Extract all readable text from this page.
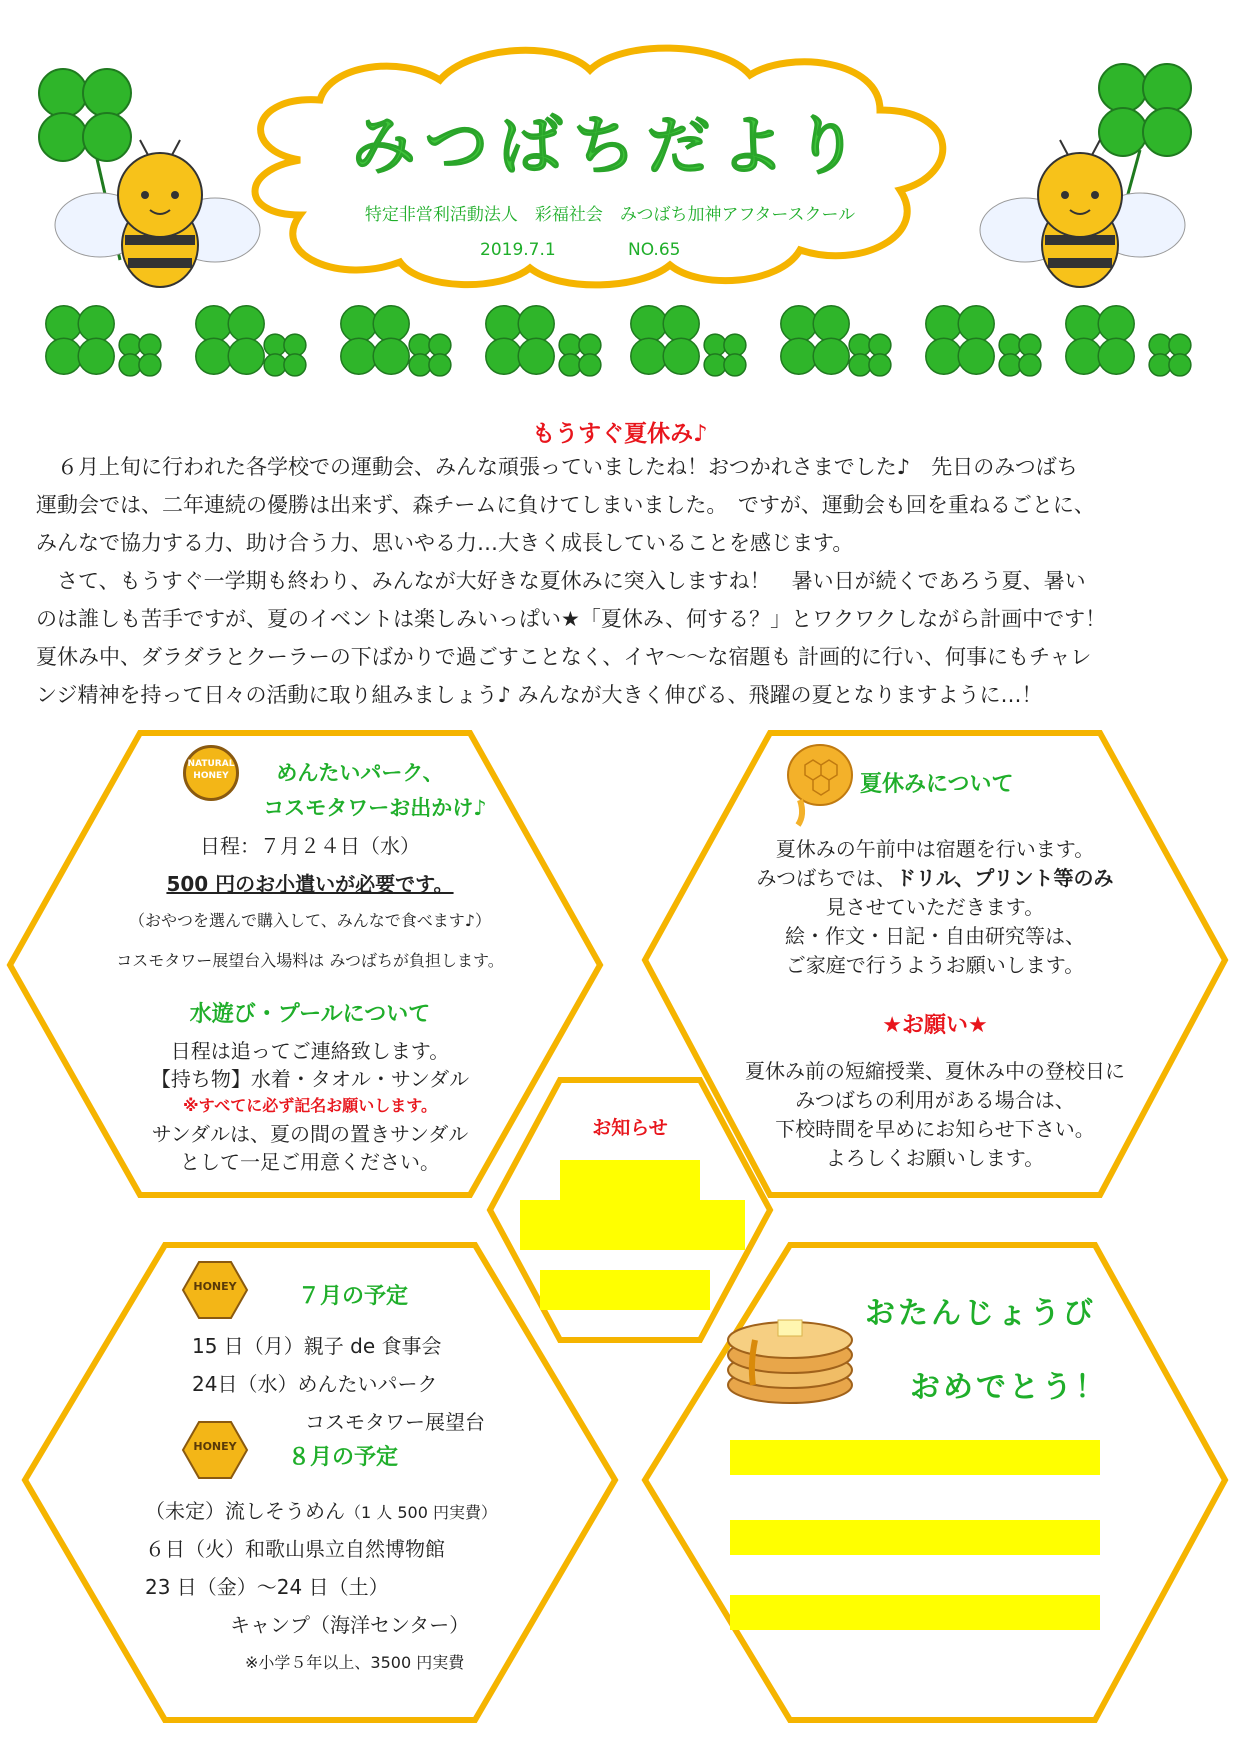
みつばちだより
特定非営利活動法人　彩福社会　みつばち加神アフタースクール
2019.7.1	NO.65
もうすぐ夏休み♪
　６月上旬に行われた各学校での運動会、みんな頑張っていましたね！おつかれさまでした♪　先日のみつばち
運動会では、二年連続の優勝は出来ず、森チームに負けてしまいました。　ですが、運動会も回を重ねるごとに、
みんなで協力する力、助け合う力、思いやる力…大きく成長していることを感じます。
　さて、もうすぐ一学期も終わり、みんなが大好きな夏休みに突入しますね！　暑い日が続くであろう夏、暑い
のは誰しも苦手ですが、夏のイベントは楽しみいっぱい★「夏休み、何する？」とワクワクしながら計画中です！
夏休み中、ダラダラとクーラーの下ばかりで過ごすことなく、イヤ～～な宿題も 計画的に行い、何事にもチャレ
ンジ精神を持って日々の活動に取り組みましょう♪ みんなが大きく伸びる、飛躍の夏となりますように…！
NATURAL HONEY	めんたいパーク、
コスモタワーお出かけ♪
日程：７月２４日（水）
500 円のお小遣いが必要です。
（おやつを選んで購入して、みんなで食べます♪）
コスモタワー展望台入場料は みつばちが負担します。
水遊び・プールについて
日程は追ってご連絡致します。
【持ち物】水着・タオル・サンダル
※すべてに必ず記名お願いします。
サンダルは、夏の間の置きサンダル
として一足ご用意ください。
夏休みについて
夏休みの午前中は宿題を行います。
みつばちでは、ドリル、プリント等のみ
見させていただきます。
絵・作文・日記・自由研究等は、
ご家庭で行うようお願いします。
★お願い★
夏休み前の短縮授業、夏休み中の登校日に
みつばちの利用がある場合は、
下校時間を早めにお知らせ下さい。
よろしくお願いします。
お知らせ
HONEY	７月の予定
15 日（月）親子 de 食事会
24日（水）めんたいパーク
コスモタワー展望台
HONEY	８月の予定
（未定）流しそうめん（1 人 500 円実費）
６日（火）和歌山県立自然博物館
23 日（金）～24 日（土）
キャンプ（海洋センター）
※小学５年以上、3500 円実費
おたんじょうび
おめでとう！
